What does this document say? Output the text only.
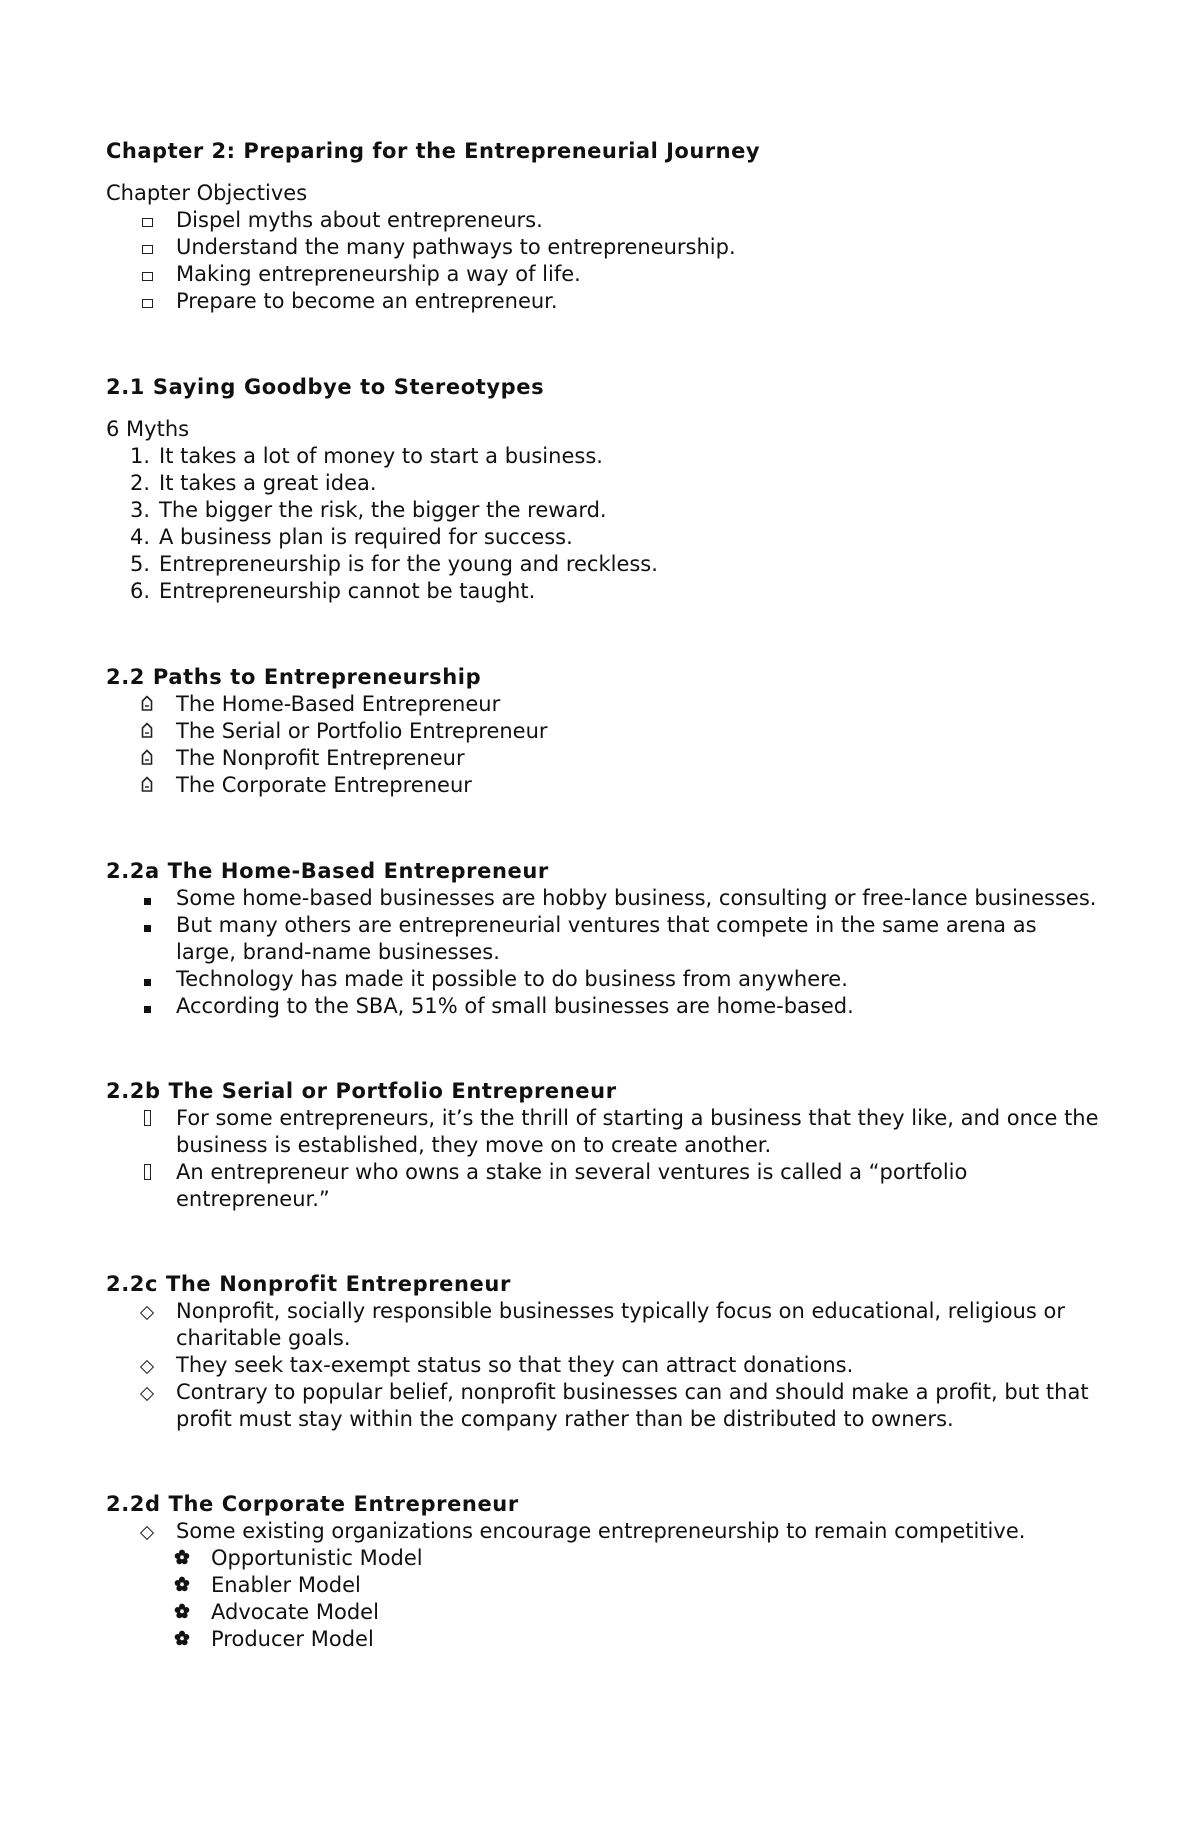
Chapter 2: Preparing for the Entrepreneurial Journey

Chapter Objectives

Dispel myths about entrepreneurs.
Understand the many pathways to entrepreneurship.
Making entrepreneurship a way of life.
Prepare to become an entrepreneur.
2.1 Saying Goodbye to Stereotypes

6 Myths

1. It takes a lot of money to start a business.
2. It takes a great idea.
3. The bigger the risk, the bigger the reward.
4. A business plan is required for success.
5. Entrepreneurship is for the young and reckless.
6. Entrepreneurship cannot be taught.
2.2 Paths to Entrepreneurship
The Home-Based Entrepreneur
The Serial or Portfolio Entrepreneur
The Nonprofit Entrepreneur
The Corporate Entrepreneur
2.2a The Home-Based Entrepreneur
Some home-based businesses are hobby business, consulting or free-lance businesses.
But many others are entrepreneurial ventures that compete in the same arena as large, brand-name businesses.
Technology has made it possible to do business from anywhere.
According to the SBA, 51% of small businesses are home-based.
2.2b The Serial or Portfolio Entrepreneur
For some entrepreneurs, it’s the thrill of starting a business that they like, and once the business is established, they move on to create another.
An entrepreneur who owns a stake in several ventures is called a “portfolio entrepreneur.”
2.2c The Nonprofit Entrepreneur
Nonprofit, socially responsible businesses typically focus on educational, religious or charitable goals.
They seek tax-exempt status so that they can attract donations.
Contrary to popular belief, nonprofit businesses can and should make a profit, but that profit must stay within the company rather than be distributed to owners.
2.2d The Corporate Entrepreneur
Some existing organizations encourage entrepreneurship to remain competitive.
Opportunistic Model
Enabler Model
Advocate Model
Producer Model
